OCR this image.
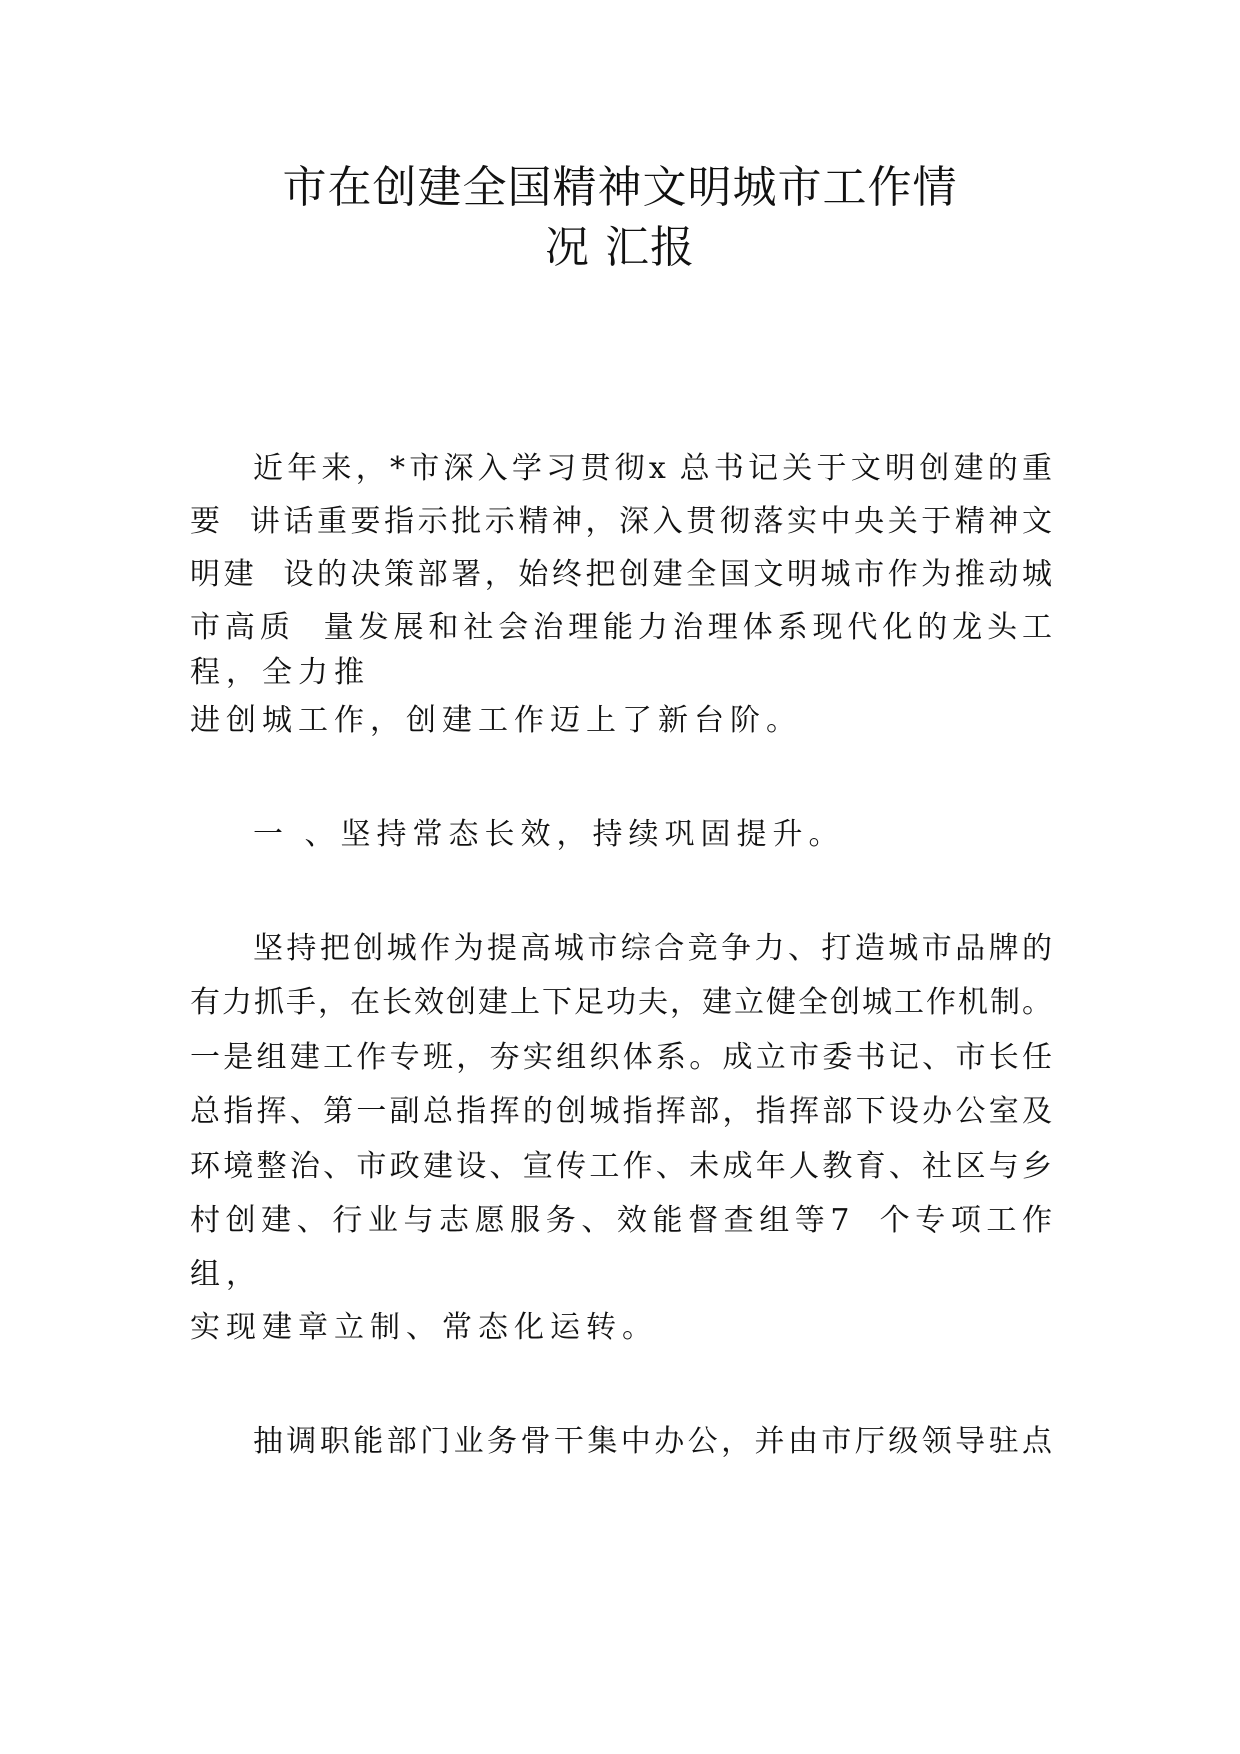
市在创建全国精神文明城市工作情
况 汇报
近年来，*市深入学习贯彻x 总书记关于文明创建的重
要  讲话重要指示批示精神，深入贯彻落实中央关于精神文
明建  设的决策部署，始终把创建全国文明城市作为推动城
市高质  量发展和社会治理能力治理体系现代化的龙头工
程，全力推
进创城工作，创建工作迈上了新台阶。
一 、坚持常态长效，持续巩固提升。
坚持把创城作为提高城市综合竞争力、打造城市品牌的
有力抓手，在长效创建上下足功夫，建立健全创城工作机制。
一是组建工作专班，夯实组织体系。成立市委书记、市长任
总指挥、第一副总指挥的创城指挥部，指挥部下设办公室及
环境整治、市政建设、宣传工作、未成年人教育、社区与乡
村创建、行业与志愿服务、效能督查组等7  个专项工作
组，
实现建章立制、常态化运转。
抽调职能部门业务骨干集中办公，并由市厅级领导驻点
